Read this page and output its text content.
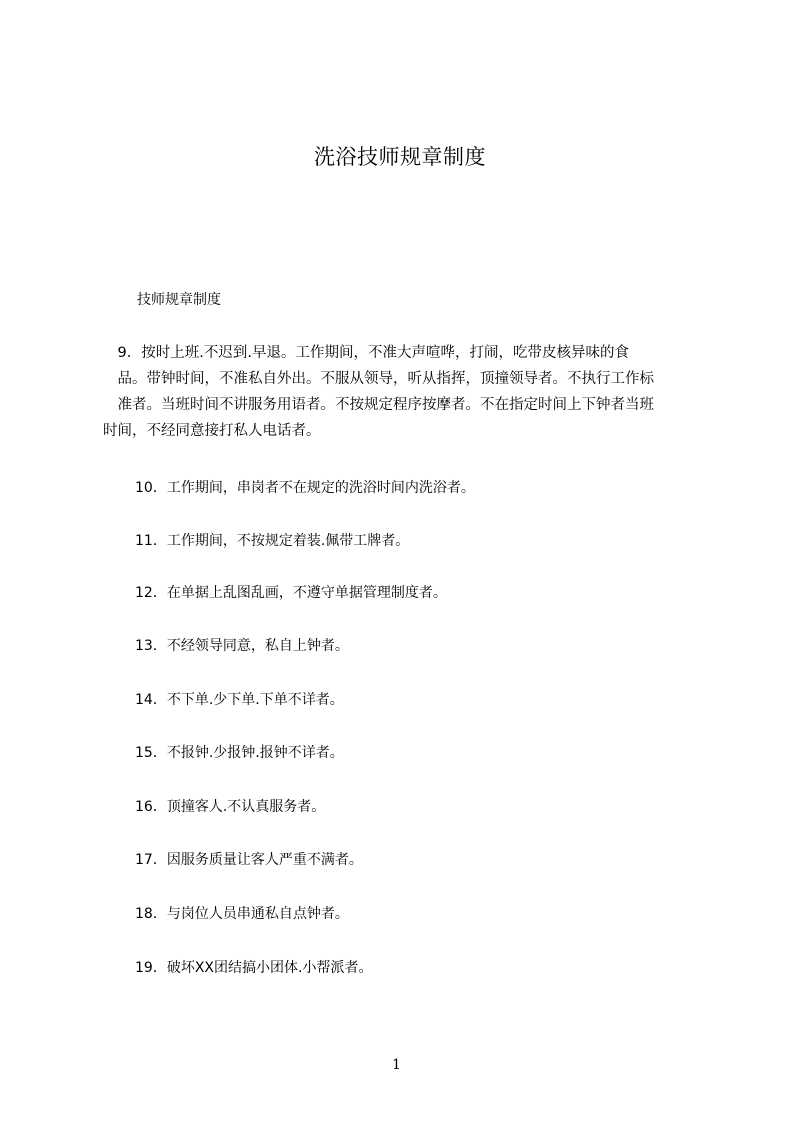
洗浴技师规章制度
技师规章制度
　9．按时上班.不迟到.早退。工作期间，不准大声喧哗，打闹，吃带皮核异味的食
　品。带钟时间，不准私自外出。不服从领导，听从指挥，顶撞领导者。不执行工作标
　准者。当班时间不讲服务用语者。不按规定程序按摩者。不在指定时间上下钟者当班
时间，不经同意接打私人电话者。
10．工作期间，串岗者不在规定的洗浴时间内洗浴者。
11．工作期间，不按规定着装.佩带工牌者。
12．在单据上乱图乱画，不遵守单据管理制度者。
13．不经领导同意，私自上钟者。
14．不下单.少下单.下单不详者。
15．不报钟.少报钟.报钟不详者。
16．顶撞客人.不认真服务者。
17．因服务质量让客人严重不满者。
18．与岗位人员串通私自点钟者。
19．破坏XX团结搞小团体.小帮派者。
1
